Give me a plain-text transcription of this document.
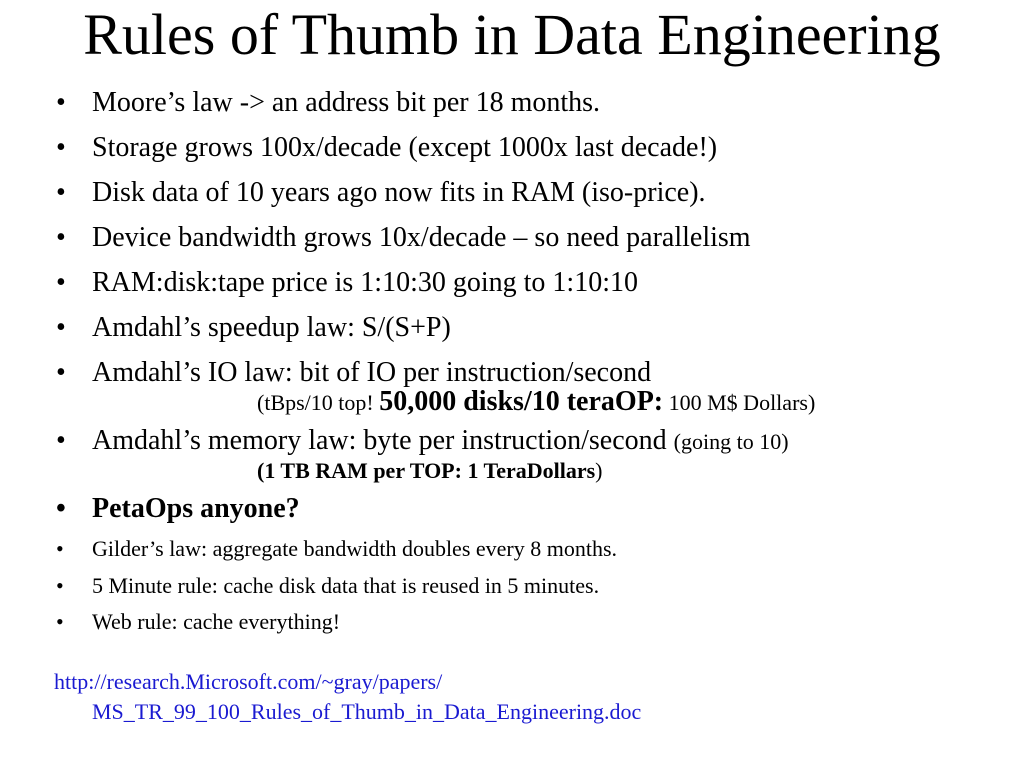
Rules of Thumb in Data Engineering
• Moore’s law -> an address bit per 18 months.
• Storage grows 100x/decade (except 1000x last decade!)
• Disk data of 10 years ago now fits in RAM (iso-price).
• Device bandwidth grows 10x/decade – so need parallelism
• RAM:disk:tape price is 1:10:30 going to 1:10:10
• Amdahl’s speedup law: S/(S+P)
• Amdahl’s IO law: bit of IO per instruction/second
(tBps/10 top! 50,000 disks/10 teraOP: 100 M$ Dollars)
• Amdahl’s memory law: byte per instruction/second (going to 10)
(1 TB RAM per TOP: 1 TeraDollars)
• PetaOps anyone?
• Gilder’s law: aggregate bandwidth doubles every 8 months.
• 5 Minute rule: cache disk data that is reused in 5 minutes.
• Web rule: cache everything!
http://research.Microsoft.com/~gray/papers/
MS_TR_99_100_Rules_of_Thumb_in_Data_Engineering.doc
